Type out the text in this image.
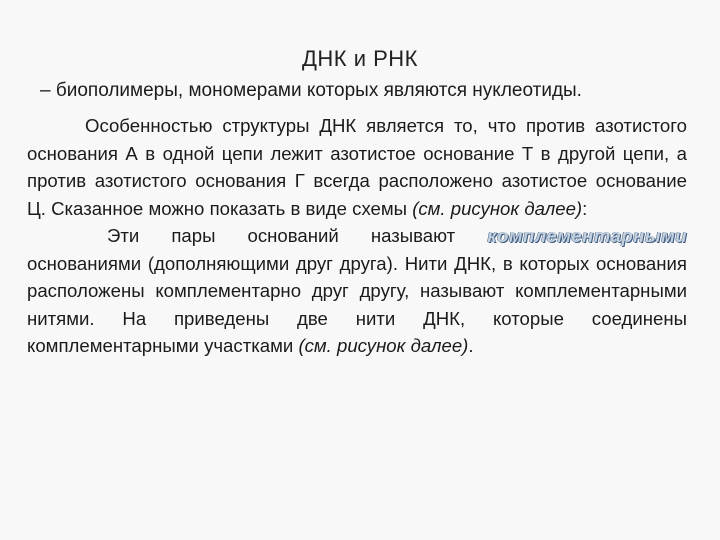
ДНК и РНК
– биополимеры, мономерами которых являются нуклеотиды.

Особенностью структуры ДНК является то, что против азотистого основания А в одной цепи лежит азотистое основание Т в другой цепи, а против азотистого основания Г всегда расположено азотистое основание Ц. Сказанное можно показать в виде схемы (см. рисунок далее):

Эти пары оснований называют комплементарными основаниями (дополняющими друг друга). Нити ДНК, в которых основания расположены комплементарно друг другу, называют комплементарными нитями. На приведены две нити ДНК, которые соединены комплементарными участками (см. рисунок далее).
